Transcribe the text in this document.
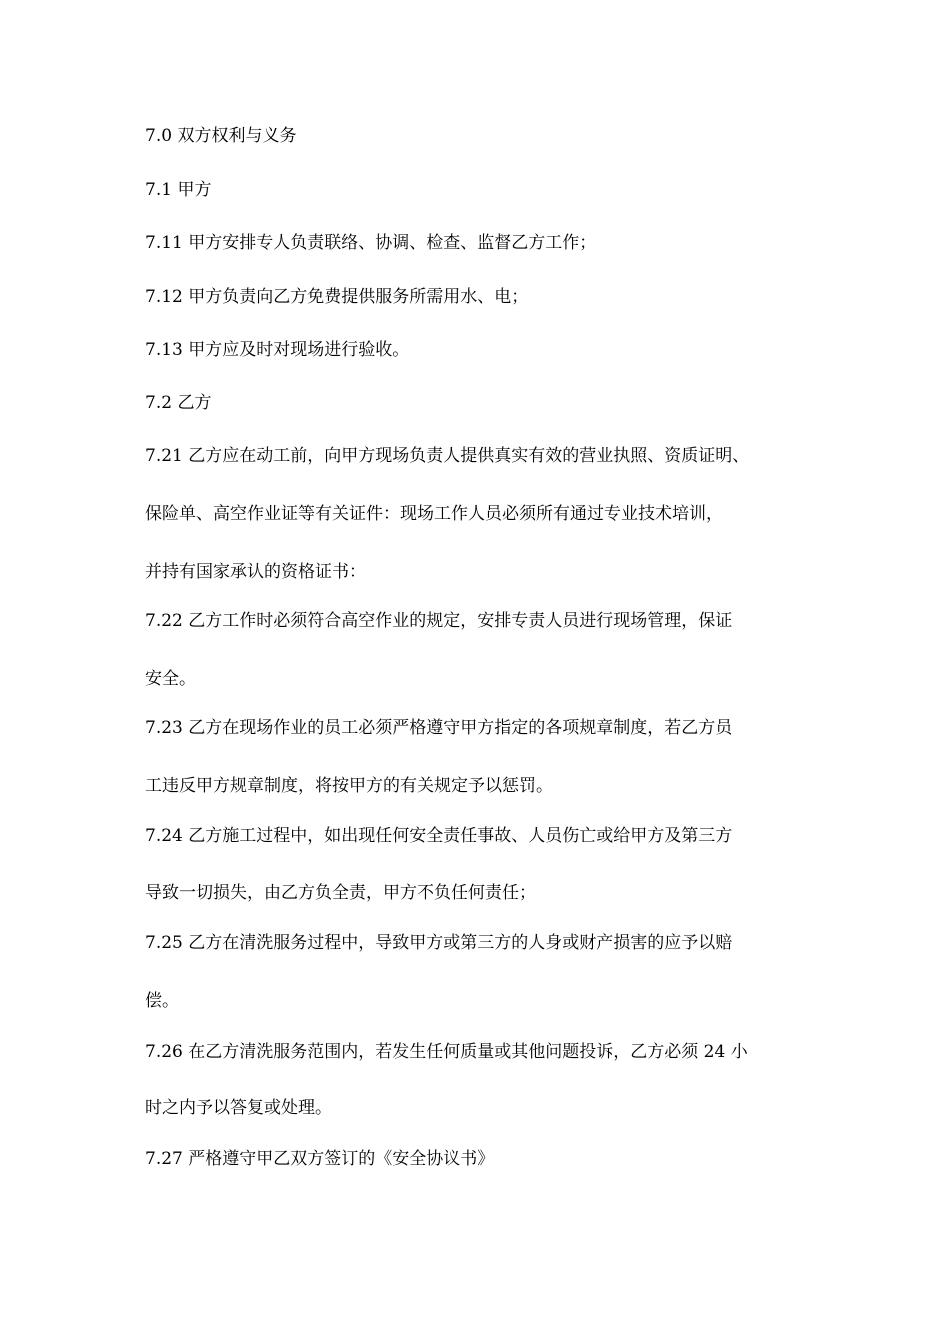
7.0 双方权利与义务
7.1 甲方
7.11 甲方安排专人负责联络、协调、检查、监督乙方工作；
7.12 甲方负责向乙方免费提供服务所需用水、电；
7.13 甲方应及时对现场进行验收。
7.2 乙方
7.21 乙方应在动工前，向甲方现场负责人提供真实有效的营业执照、资质证明、
保险单、高空作业证等有关证件：现场工作人员必须所有通过专业技术培训，
并持有国家承认的资格证书：
7.22 乙方工作时必须符合高空作业的规定，安排专责人员进行现场管理，保证
安全。
7.23 乙方在现场作业的员工必须严格遵守甲方指定的各项规章制度，若乙方员
工违反甲方规章制度，将按甲方的有关规定予以惩罚。
7.24 乙方施工过程中，如出现任何安全责任事故、人员伤亡或给甲方及第三方
导致一切损失，由乙方负全责，甲方不负任何责任；
7.25 乙方在清洗服务过程中，导致甲方或第三方的人身或财产损害的应予以赔
偿。
7.26 在乙方清洗服务范围内，若发生任何质量或其他问题投诉，乙方必须 24 小
时之内予以答复或处理。
7.27 严格遵守甲乙双方签订的《安全协议书》
